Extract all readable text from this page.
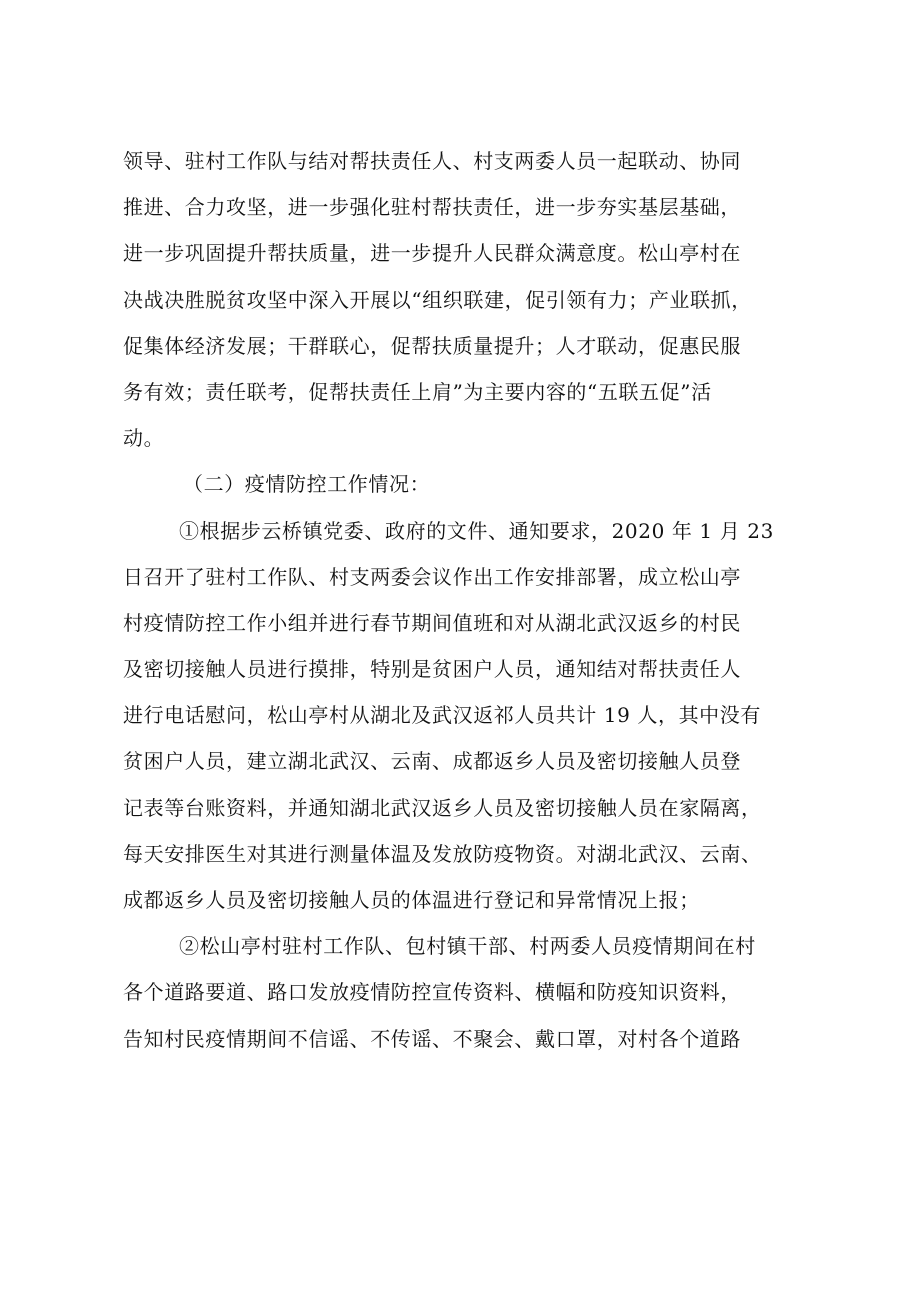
领导、驻村工作队与结对帮扶责任人、村支两委人员一起联动、协同
推进、合力攻坚，进一步强化驻村帮扶责任，进一步夯实基层基础，
进一步巩固提升帮扶质量，进一步提升人民群众满意度。松山亭村在
决战决胜脱贫攻坚中深入开展以“组织联建，促引领有力；产业联抓，
促集体经济发展；干群联心，促帮扶质量提升；人才联动，促惠民服
务有效；责任联考，促帮扶责任上肩”为主要内容的“五联五促”活
动。
（二）疫情防控工作情况：
①根据步云桥镇党委、政府的文件、通知要求，2020 年 1 月 23
日召开了驻村工作队、村支两委会议作出工作安排部署，成立松山亭
村疫情防控工作小组并进行春节期间值班和对从湖北武汉返乡的村民
及密切接触人员进行摸排，特别是贫困户人员，通知结对帮扶责任人
进行电话慰问，松山亭村从湖北及武汉返祁人员共计 19 人，其中没有
贫困户人员，建立湖北武汉、云南、成都返乡人员及密切接触人员登
记表等台账资料，并通知湖北武汉返乡人员及密切接触人员在家隔离，
每天安排医生对其进行测量体温及发放防疫物资。对湖北武汉、云南、
成都返乡人员及密切接触人员的体温进行登记和异常情况上报；
②松山亭村驻村工作队、包村镇干部、村两委人员疫情期间在村
各个道路要道、路口发放疫情防控宣传资料、横幅和防疫知识资料，
告知村民疫情期间不信谣、不传谣、不聚会、戴口罩，对村各个道路
